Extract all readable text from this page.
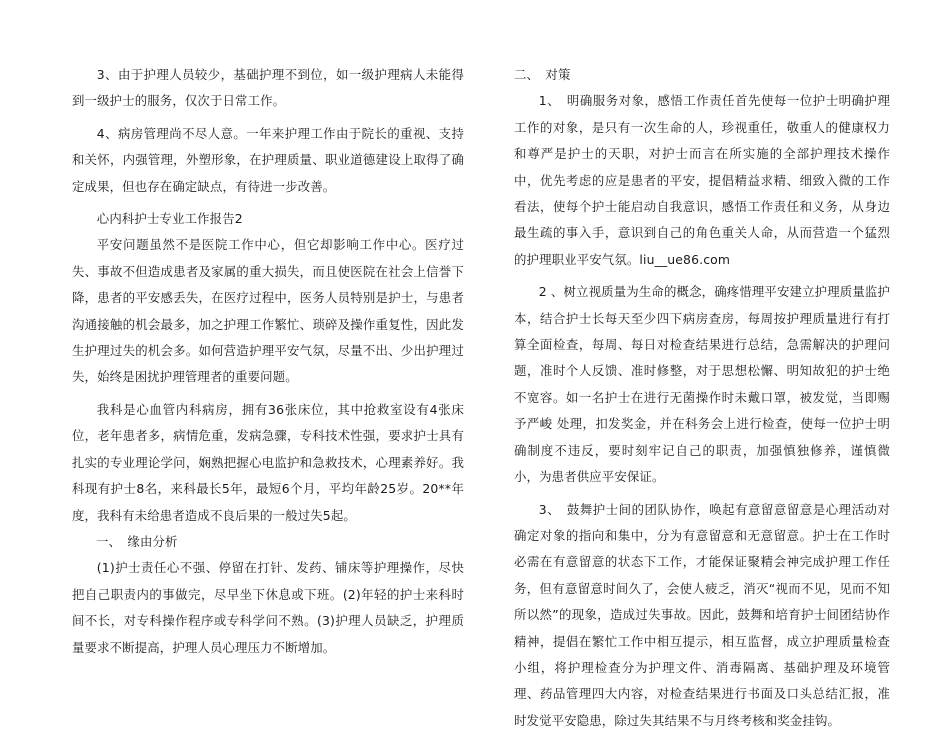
3、由于护理人员较少，基础护理不到位，如一级护理病人未能得到一级护士的服务，仅次于日常工作。

4、病房管理尚不尽人意。一年来护理工作由于院长的重视、支持和关怀，内强管理，外塑形象，在护理质量、职业道德建设上取得了确定成果，但也存在确定缺点，有待进一步改善。

心内科护士专业工作报告2

平安问题虽然不是医院工作中心，但它却影响工作中心。医疗过失、事故不但造成患者及家属的重大损失，而且使医院在社会上信誉下降，患者的平安感丢失，在医疗过程中，医务人员特别是护士，与患者沟通接触的机会最多，加之护理工作繁忙、琐碎及操作重复性，因此发生护理过失的机会多。如何营造护理平安气氛，尽量不出、少出护理过失，始终是困扰护理管理者的重要问题。

我科是心血管内科病房，拥有36张床位，其中抢救室设有4张床位，老年患者多，病情危重，发病急骤，专科技术性强，要求护士具有扎实的专业理论学问，娴熟把握心电监护和急救技术，心理素养好。我科现有护士8名，来科最长5年，最短6个月，平均年龄25岁。20**年度，我科有未给患者造成不良后果的一般过失5起。

一、　缘由分析

(1)护士责任心不强、停留在打针、发药、铺床等护理操作，尽快把自己职责内的事做完，尽早坐下休息或下班。(2)年轻的护士来科时间不长，对专科操作程序或专科学问不熟。(3)护理人员缺乏，护理质量要求不断提高，护理人员心理压力不断增加。

二、　对策

1、　明确服务对象，感悟工作责任首先使每一位护士明确护理工作的对象，是只有一次生命的人，珍视重任，敬重人的健康权力和尊严是护士的天职，对护士而言在所实施的全部护理技术操作中，优先考虑的应是患者的平安，提倡精益求精、细致入微的工作看法，使每个护士能启动自我意识，感悟工作责任和义务，从身边最生疏的事入手，意识到自己的角色重关人命，从而营造一个猛烈的护理职业平安气氛。liu__ue86.com

2 、树立视质量为生命的概念，确疼惜理平安建立护理质量监护本，结合护士长每天至少四下病房查房，每周按护理质量进行有打算全面检查，每周、每日对检查结果进行总结，急需解决的护理问题，准时个人反馈、准时修整，对于思想松懈、明知故犯的护士绝不宽容。如一名护士在进行无菌操作时未戴口罩，被发觉，当即赐予严峻 处理，扣发奖金，并在科务会上进行检查，使每一位护士明确制度不违反，要时刻牢记自己的职责，加强慎独修养，谨慎微小，为患者供应平安保证。

3、　鼓舞护士间的团队协作，唤起有意留意留意是心理活动对确定对象的指向和集中，分为有意留意和无意留意。护士在工作时必需在有意留意的状态下工作，才能保证聚精会神完成护理工作任务，但有意留意时间久了，会使人疲乏，消灭“视而不见，见而不知所以然”的现象，造成过失事故。因此，鼓舞和培育护士间团结协作精神，提倡在繁忙工作中相互提示，相互监督，成立护理质量检查小组，将护理检查分为护理文件、消毒隔离、基础护理及环境管理、药品管理四大内容，对检查结果进行书面及口头总结汇报，准时发觉平安隐患，除过失其结果不与月终考核和奖金挂钩。
